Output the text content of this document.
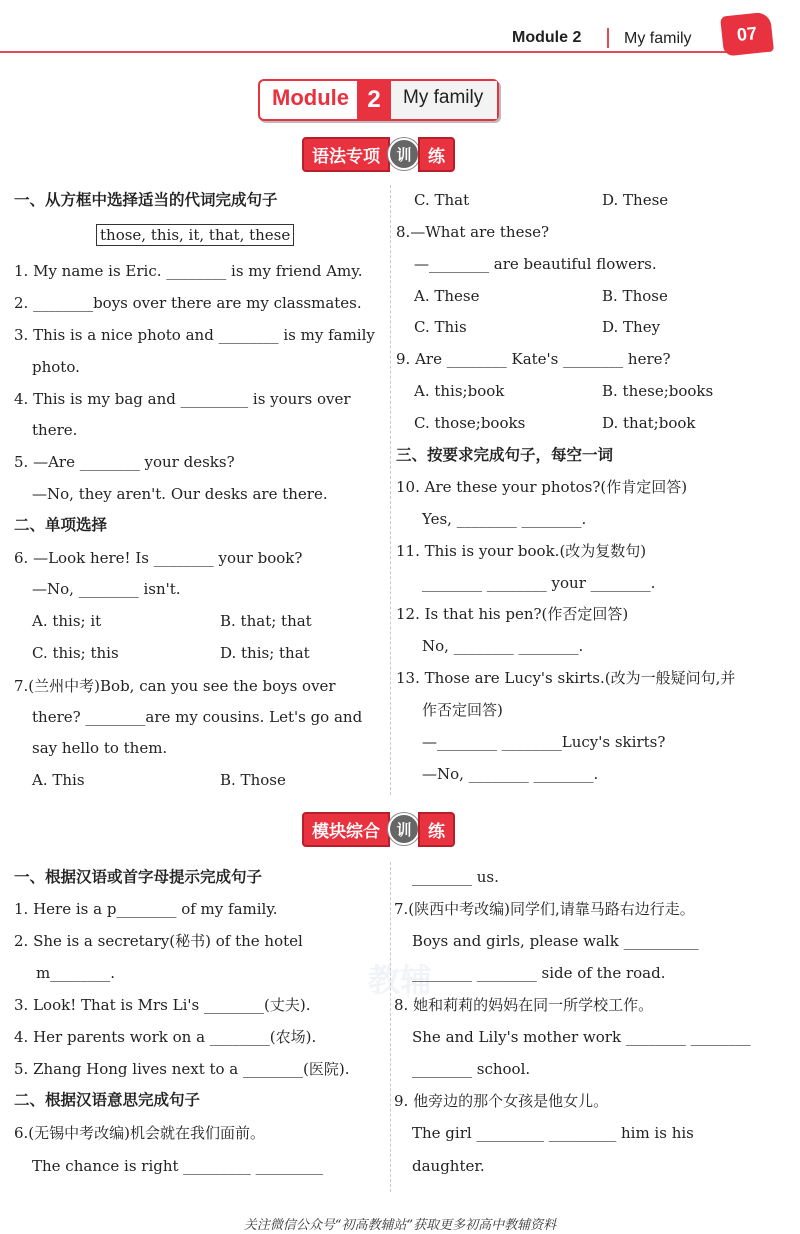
Module 2	My family	07
Module 2	My family
语法专项	训 练
一、从方框中选择适当的代词完成句子
those, this, it, that, these
1. My name is Eric. ________ is my friend Amy.
2. ________boys over there are my classmates.
3. This is a nice photo and ________ is my family
photo.
4. This is my bag and _________ is yours over
there.
5. —Are ________ your desks?
—No, they aren't. Our desks are there.
二、单项选择
6. —Look here! Is ________ your book?
—No, ________ isn't.
A. this; it	B. that; that
C. this; this	D. this; that
7.(兰州中考)Bob, can you see the boys over
there? ________are my cousins. Let's go and
say hello to them.
A. This	B. Those
C. That	D. These
8.—What are these?
—________ are beautiful flowers.
A. These	B. Those
C. This	D. They
9. Are ________ Kate's ________ here?
A. this;book	B. these;books
C. those;books	D. that;book
三、按要求完成句子，每空一词
10. Are these your photos?(作肯定回答)
Yes, ________ ________.
11. This is your book.(改为复数句)
________ ________ your ________.
12. Is that his pen?(作否定回答)
No, ________ ________.
13. Those are Lucy's skirts.(改为一般疑问句,并
作否定回答)
—________ ________Lucy's skirts?
—No, ________ ________.
模块综合	训 练
教辅
一、根据汉语或首字母提示完成句子
1. Here is a p________ of my family.
2. She is a secretary(秘书) of the hotel
m________.
3. Look! That is Mrs Li's ________(丈夫).
4. Her parents work on a ________(农场).
5. Zhang Hong lives next to a ________(医院).
二、根据汉语意思完成句子
6.(无锡中考改编)机会就在我们面前。
The chance is right _________ _________
________ us.
7.(陕西中考改编)同学们,请靠马路右边行走。
Boys and girls, please walk __________
________ ________ side of the road.
8. 她和莉莉的妈妈在同一所学校工作。
She and Lily's mother work ________ ________
________ school.
9. 他旁边的那个女孩是他女儿。
The girl _________ _________ him is his
daughter.
关注微信公众号“初高教辅站”获取更多初高中教辅资料
